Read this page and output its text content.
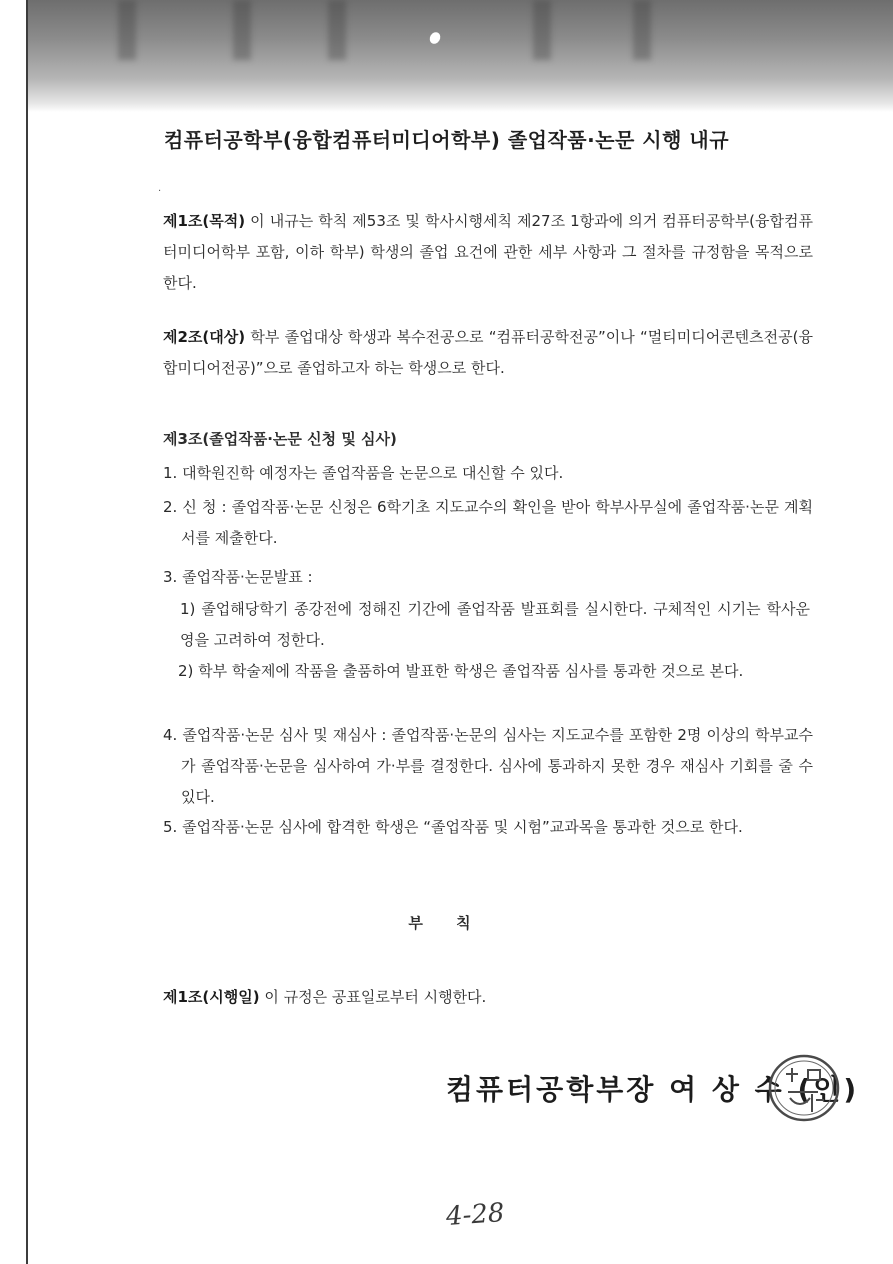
컴퓨터공학부(융합컴퓨터미디어학부) 졸업작품·논문 시행 내규
·
제1조(목적) 이 내규는 학칙 제53조 및 학사시행세칙 제27조 1항과에 의거 컴퓨터공학부(융합컴퓨터미디어학부 포함, 이하 학부) 학생의 졸업 요건에 관한 세부 사항과 그 절차를 규정함을 목적으로 한다.
제2조(대상) 학부 졸업대상 학생과 복수전공으로 “컴퓨터공학전공”이나 “멀티미디어콘텐츠전공(융합미디어전공)”으로 졸업하고자 하는 학생으로 한다.
제3조(졸업작품·논문 신청 및 심사)
1. 대학원진학 예정자는 졸업작품을 논문으로 대신할 수 있다.
2. 신 청 : 졸업작품·논문 신청은 6학기초 지도교수의 확인을 받아 학부사무실에 졸업작품·논문 계획서를 제출한다.
3. 졸업작품·논문발표 :
1) 졸업해당학기 종강전에 정해진 기간에 졸업작품 발표회를 실시한다. 구체적인 시기는 학사운영을 고려하여 정한다.
2) 학부 학술제에 작품을 출품하여 발표한 학생은 졸업작품 심사를 통과한 것으로 본다.
4. 졸업작품·논문 심사 및 재심사 : 졸업작품·논문의 심사는 지도교수를 포함한 2명 이상의 학부교수가 졸업작품·논문을 심사하여 가·부를 결정한다. 심사에 통과하지 못한 경우 재심사 기회를 줄 수 있다.
5. 졸업작품·논문 심사에 합격한 학생은 “졸업작품 및 시험”교과목을 통과한 것으로 한다.
부 칙
제1조(시행일) 이 규정은 공표일로부터 시행한다.
컴퓨터공학부장 여 상 수 (인)
4-28
